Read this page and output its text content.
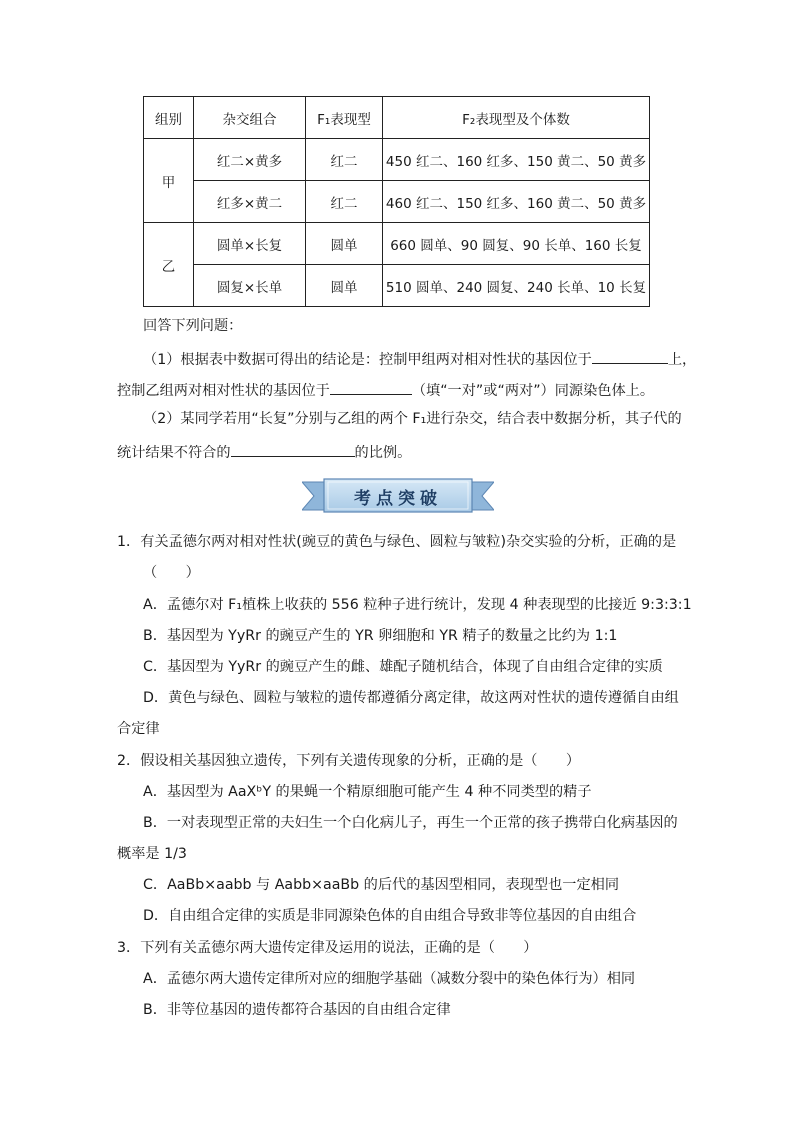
组别	杂交组合	F₁表现型	F₂表现型及个体数
甲	红二×黄多	红二	450 红二、160 红多、150 黄二、50 黄多
	红多×黄二	红二	460 红二、150 红多、160 黄二、50 黄多
乙	圆单×长复	圆单	660 圆单、90 圆复、90 长单、160 长复
	圆复×长单	圆单	510 圆单、240 圆复、240 长单、10 长复
回答下列问题：
（1）根据表中数据可得出的结论是：控制甲组两对相对性状的基因位于	上，
控制乙组两对相对性状的基因位于	（填“一对”或“两对”）同源染色体上。
（2）某同学若用“长复”分别与乙组的两个 F₁进行杂交，结合表中数据分析，其子代的
统计结果不符合的	的比例。
考点突破
1．有关孟德尔两对相对性状(豌豆的黄色与绿色、圆粒与皱粒)杂交实验的分析，正确的是
（　　）
A．孟德尔对 F₁植株上收获的 556 粒种子进行统计，发现 4 种表现型的比接近 9:3:3:1
B．基因型为 YyRr 的豌豆产生的 YR 卵细胞和 YR 精子的数量之比约为 1:1
C．基因型为 YyRr 的豌豆产生的雌、雄配子随机结合，体现了自由组合定律的实质
D．黄色与绿色、圆粒与皱粒的遗传都遵循分离定律，故这两对性状的遗传遵循自由组
合定律
2．假设相关基因独立遗传，下列有关遗传现象的分析，正确的是（　　）
A．基因型为 AaXᵇY 的果蝇一个精原细胞可能产生 4 种不同类型的精子
B．一对表现型正常的夫妇生一个白化病儿子，再生一个正常的孩子携带白化病基因的
概率是 1/3
C．AaBb×aabb 与 Aabb×aaBb 的后代的基因型相同，表现型也一定相同
D．自由组合定律的实质是非同源染色体的自由组合导致非等位基因的自由组合
3．下列有关孟德尔两大遗传定律及运用的说法，正确的是（　　）
A．孟德尔两大遗传定律所对应的细胞学基础（减数分裂中的染色体行为）相同
B．非等位基因的遗传都符合基因的自由组合定律
